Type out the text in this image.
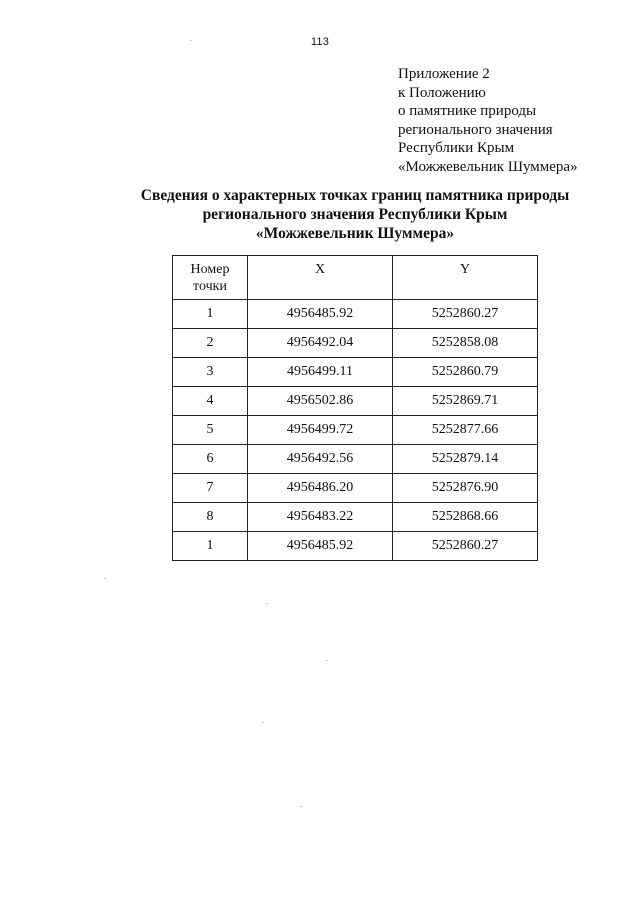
113
Приложение 2
к Положению
о памятнике природы
регионального значения
Республики Крым
«Можжевельник Шуммера»
Сведения о характерных точках границ памятника природы
регионального значения Республики Крым
«Можжевельник Шуммера»
Номер
точки	X	Y
1	4956485.92	5252860.27
2	4956492.04	5252858.08
3	4956499.11	5252860.79
4	4956502.86	5252869.71
5	4956499.72	5252877.66
6	4956492.56	5252879.14
7	4956486.20	5252876.90
8	4956483.22	5252868.66
1	4956485.92	5252860.27
